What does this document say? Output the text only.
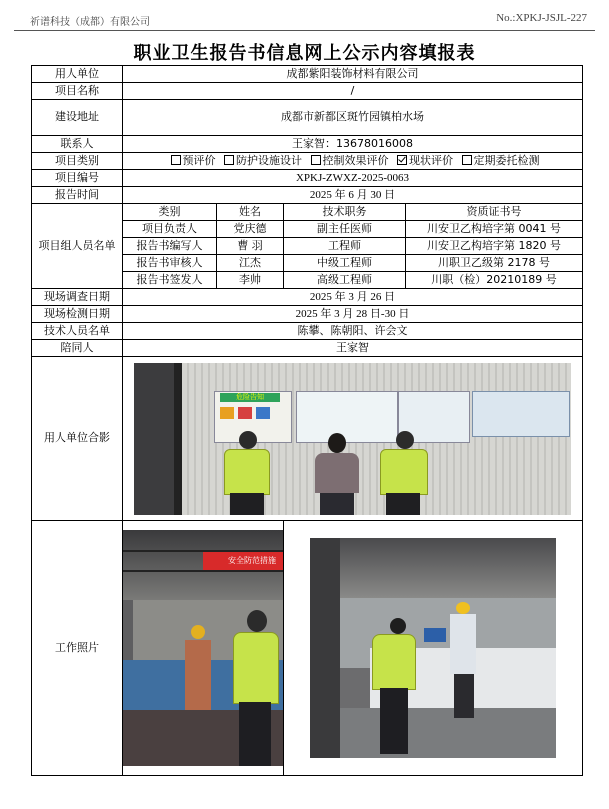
祈谱科技（成都）有限公司	No.:XPKJ-JSJL-227
职业卫生报告书信息网上公示内容填报表
用人单位	成都紫阳装饰材料有限公司			
项目名称	/			
建设地址	成都市新都区斑竹园镇柏水场			
联系人	王家智：13678016008			
项目类别	预评价 防护设施设计 控制效果评价 现状评价 定期委托检测			
项目编号	XPKJ-ZWXZ-2025-0063			
报告时间	2025 年 6 月 30 日			
项目组人员名单	类别	姓名	技术职务	资质证书号
	项目负责人	党庆德	副主任医师	川安卫乙构培字第 0041 号
	报告书编写人	曹 羽	工程师	川安卫乙构培字第 1820 号
	报告书审核人	江杰	中级工程师	川职卫乙级第 2178 号
	报告书签发人	李帅	高级工程师	川职（检）20210189 号
现场调查日期	2025 年 3 月 26 日			
现场检测日期	2025 年 3 月 28 日-30 日			
技术人员名单	陈攀、陈朝阳、许会文			
陪同人	王家智			
用人单位合影	危险告知			

工作照片	安全防范措施			
